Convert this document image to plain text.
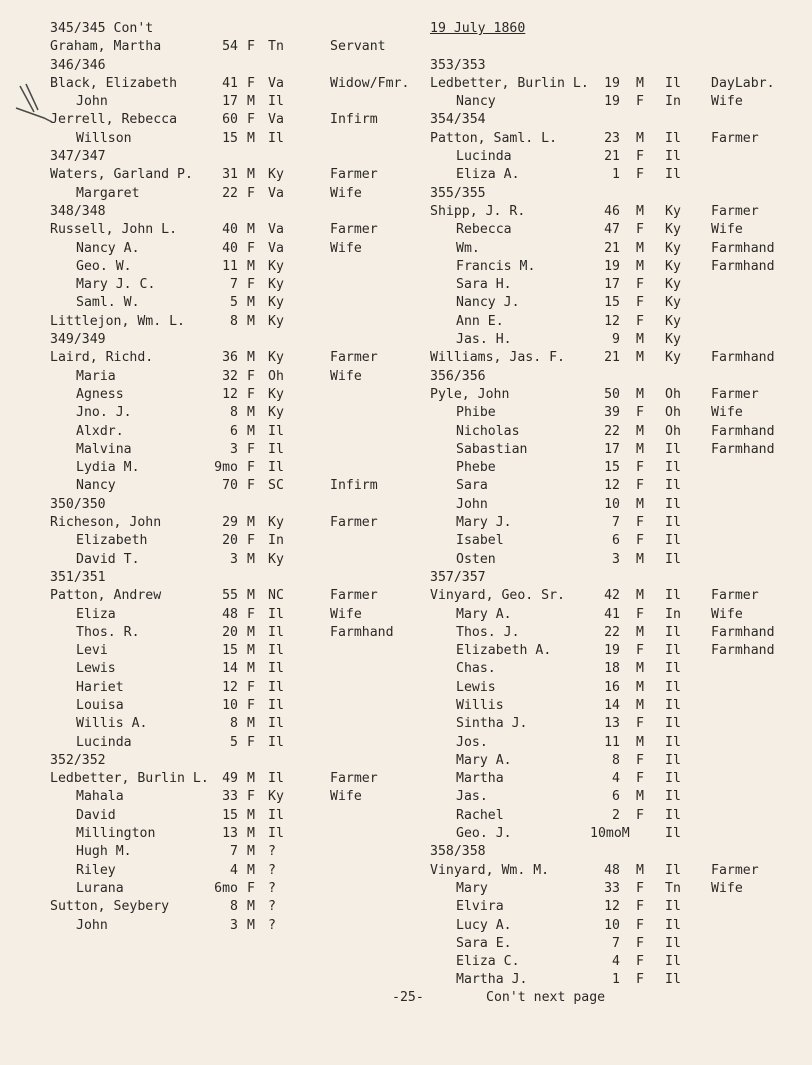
345/345 Con't
Graham, Martha	54 F Tn	Servant
346/346
Black, Elizabeth	41 F Va	Widow/Fmr.
John	17 M Il
Jerrell, Rebecca	60 F Va	Infirm
Willson	15 M Il
347/347
Waters, Garland P.	31 M Ky	Farmer
Margaret	22 F Va	Wife
348/348
Russell, John L.	40 M Va	Farmer
Nancy A.	40 F Va	Wife
Geo. W.	11 M Ky
Mary J. C.	7 F Ky
Saml. W.	5 M Ky
Littlejon, Wm. L.	8 M Ky
349/349
Laird, Richd.	36 M Ky	Farmer
Maria	32 F Oh	Wife
Agness	12 F Ky
Jno. J.	8 M Ky
Alxdr.	6 M Il
Malvina	3 F Il
Lydia M.	9mo F Il
Nancy	70 F SC	Infirm
350/350
Richeson, John	29 M Ky	Farmer
Elizabeth	20 F In
David T.	3 M Ky
351/351
Patton, Andrew	55 M NC	Farmer
Eliza	48 F Il	Wife
Thos. R.	20 M Il	Farmhand
Levi	15 M Il
Lewis	14 M Il
Hariet	12 F Il
Louisa	10 F Il
Willis A.	8 M Il
Lucinda	5 F Il
352/352
Ledbetter, Burlin L.	49 M Il	Farmer
Mahala	33 F Ky	Wife
David	15 M Il
Millington	13 M Il
Hugh M.	7 M ?
Riley	4 M ?
Lurana	6mo F ?
Sutton, Seybery	8 M ?
John	3 M ?
19 July 1860
353/353
Ledbetter, Burlin L.	19 M Il DayLabr.
Nancy	19 F In Wife
354/354
Patton, Saml. L.	23 M Il Farmer
Lucinda	21 F Il
Eliza A.	1 F Il
355/355
Shipp, J. R.	46 M Ky Farmer
Rebecca	47 F Ky Wife
Wm.	21 M Ky Farmhand
Francis M.	19 M Ky Farmhand
Sara H.	17 F Ky
Nancy J.	15 F Ky
Ann E.	12 F Ky
Jas. H.	9 M Ky
Williams, Jas. F.	21 M Ky Farmhand
356/356
Pyle, John	50 M Oh Farmer
Phibe	39 F Oh Wife
Nicholas	22 M Oh Farmhand
Sabastian	17 M Il Farmhand
Phebe	15 F Il
Sara	12 F Il
John	10 M Il
Mary J.	7 F Il
Isabel	6 F Il
Osten	3 M Il
357/357
Vinyard, Geo. Sr.	42 M Il Farmer
Mary A.	41 F In Wife
Thos. J.	22 M Il Farmhand
Elizabeth A.	19 F Il Farmhand
Chas.	18 M Il
Lewis	16 M Il
Willis	14 M Il
Sintha J.	13 F Il
Jos.	11 M Il
Mary A.	8 F Il
Martha	4 F Il
Jas.	6 M Il
Rachel	2 F Il
Geo. J.	10moM	Il
358/358
Vinyard, Wm. M.	48 M Il Farmer
Mary	33 F Tn Wife
Elvira	12 F Il
Lucy A.	10 F Il
Sara E.	7 F Il
Eliza C.	4 F Il
Martha J.	1 F Il
-25-	Con't next page
